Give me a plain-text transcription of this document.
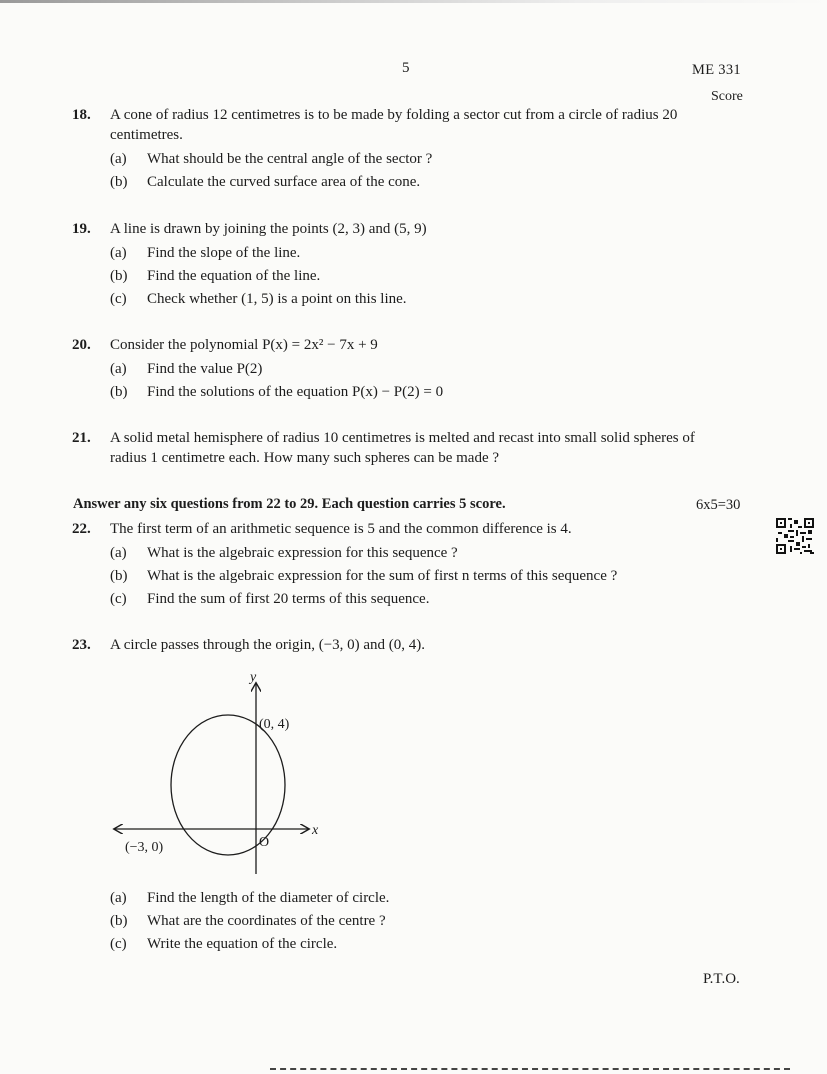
5	ME 331
Score
18. A cone of radius 12 centimetres is to be made by folding a sector cut from a circle of radius 20 centimetres.
(a)	What should be the central angle of the sector ?
(b)	Calculate the curved surface area of the cone.
19. A line is drawn by joining the points (2, 3) and (5, 9)
(a)	Find the slope of the line.
(b)	Find the equation of the line.
(c)	Check whether (1, 5) is a point on this line.
20. Consider the polynomial P(x) = 2x² − 7x + 9
(a)	Find the value P(2)
(b)	Find the solutions of the equation P(x) − P(2) = 0
21. A solid metal hemisphere of radius 10 centimetres is melted and recast into small solid spheres of radius 1 centimetre each. How many such spheres can be made ?
Answer any six questions from 22 to 29. Each question carries 5 score.	6x5=30
22. The first term of an arithmetic sequence is 5 and the common difference is 4.
(a)	What is the algebraic expression for this sequence ?
(b)	What is the algebraic expression for the sum of first n terms of this sequence ?
(c)	Find the sum of first 20 terms of this sequence.
23. A circle passes through the origin, (−3, 0) and (0, 4).
y
x
(0, 4)
(−3, 0)	O
(a)	Find the length of the diameter of circle.
(b)	What are the coordinates of the centre ?
(c)	Write the equation of the circle.
P.T.O.
